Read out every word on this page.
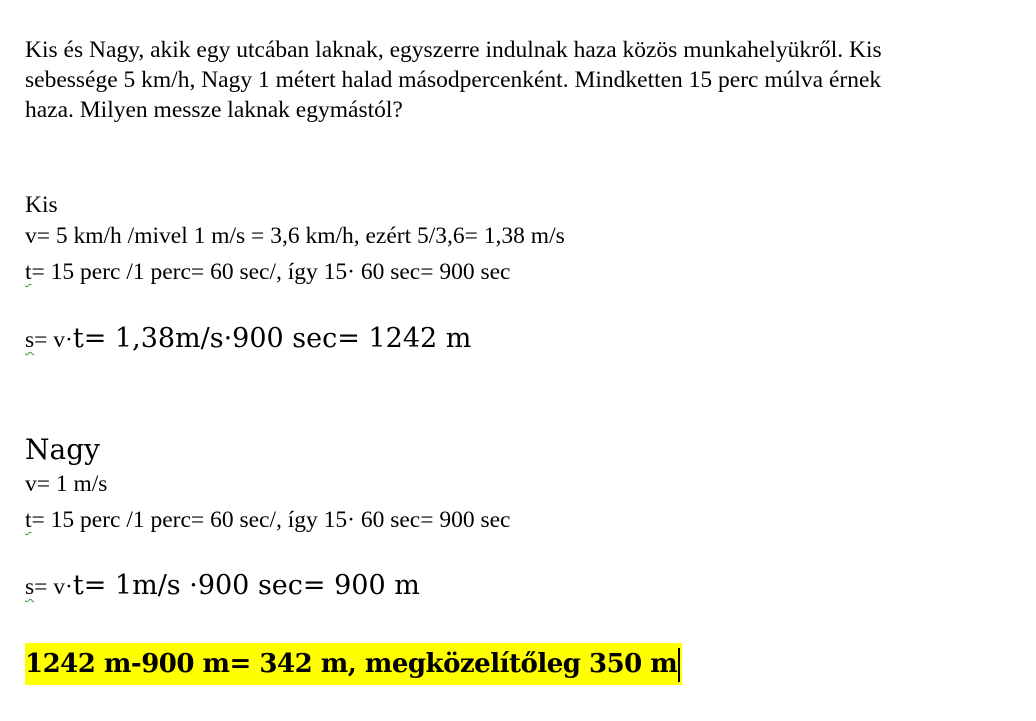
Kis és Nagy, akik egy utcában laknak, egyszerre indulnak haza közös munkahelyükről. Kis
sebessége 5 km/h, Nagy 1 métert halad másodpercenként. Mindketten 15 perc múlva érnek
haza. Milyen messze laknak egymástól?
Kis
v= 5 km/h /mivel 1 m/s = 3,6 km/h, ezért 5/3,6= 1,38 m/s
t= 15 perc /1 perc= 60 sec/, így 15· 60 sec= 900 sec
s= v·t= 1,38m/s·900 sec= 1242 m
Nagy
v= 1 m/s
t= 15 perc /1 perc= 60 sec/, így 15· 60 sec= 900 sec
s= v·t= 1m/s ·900 sec= 900 m
1242 m-900 m= 342 m, megközelítőleg 350 m
